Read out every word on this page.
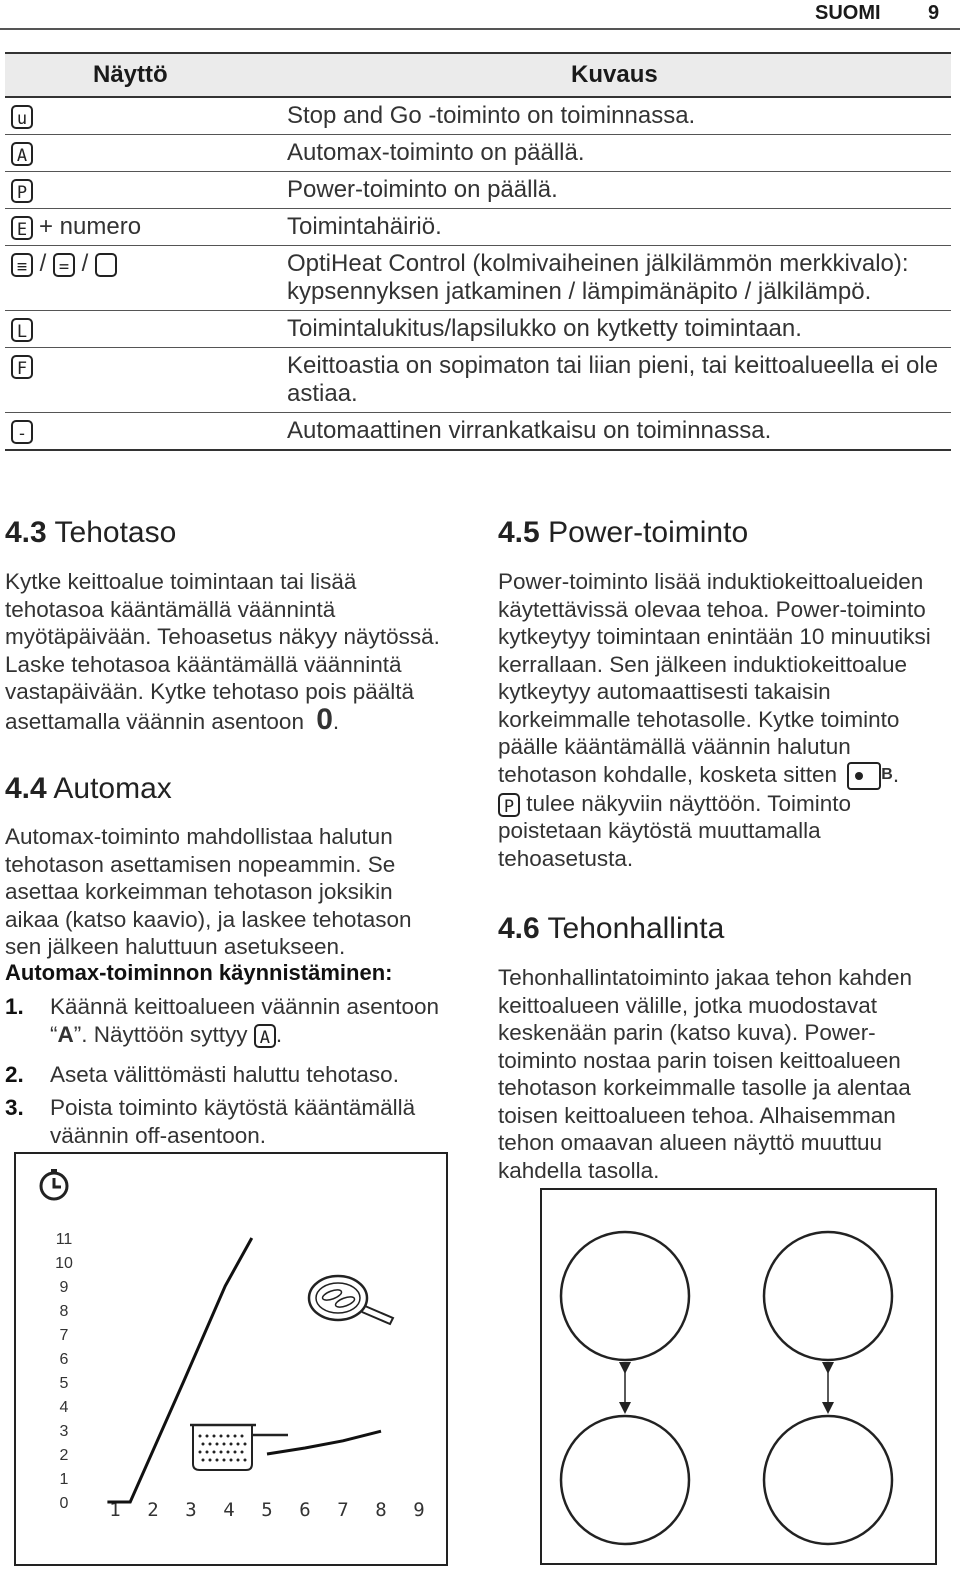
SUOMI 9
Näyttö	Kuvaus
u	Stop and Go -toiminto on toiminnassa.
A	Automax-toiminto on päällä.
P	Power-toiminto on päällä.
E + numero	Toimintahäiriö.
≡ / = / _	OptiHeat Control (kolmivaiheinen jälkilämmön merkkivalo): kypsennyksen jatkaminen / lämpimänäpito / jälkilämpö.
L	Toimintalukitus/lapsilukko on kytketty toimintaan.
F	Keittoastia on sopimaton tai liian pieni, tai keittoalueella ei ole astiaa.
-	Automaattinen virrankatkaisu on toiminnassa.
4.3 Tehotaso

Kytke keittoalue toimintaan tai lisää tehotasoa kääntämällä väännintä myötäpäivään. Tehoasetus näkyy näytössä. Laske tehotasoa kääntämällä väännintä vastapäivään. Kytke tehotaso pois päältä asettamalla väännin asentoon 0.

4.4 Automax

Automax-toiminto mahdollistaa halutun tehotason asettamisen nopeammin. Se asettaa korkeimman tehotason joksikin aikaa (katso kaavio), ja laskee tehotason sen jälkeen haluttuun asetukseen.

Automax-toiminnon käynnistäminen:
1. Käännä keittoalueen väännin asentoon “A”. Näyttöön syttyy A .
2. Aseta välittömästi haluttu tehotaso.
3. Poista toiminto käytöstä kääntämällä väännin off-asentoon.
0
1
2
3
4
5
6
7
8
9
10
11
1 2 3 4 5 6 7 8 9
4.5 Power-toiminto

Power-toiminto lisää induktiokeittoalueiden käytettävissä olevaa tehoa. Power-toiminto kytkeytyy toimintaan enintään 10 minuutiksi kerrallaan. Sen jälkeen induktiokeittoalue kytkeytyy automaattisesti takaisin korkeimmalle tehotasolle. Kytke toiminto päälle kääntämällä väännin halutun tehotason kohdalle, kosketa sitten	$^B$.
P tulee näkyviin näyttöön. Toiminto poistetaan käytöstä muuttamalla tehoasetusta.

4.6 Tehonhallinta

Tehonhallintatoiminto jakaa tehon kahden keittoalueen välille, jotka muodostavat keskenään parin (katso kuva). Power-toiminto nostaa parin toisen keittoalueen tehotason korkeimmalle tasolle ja alentaa toisen keittoalueen tehoa. Alhaisemman tehon omaavan alueen näyttö muuttuu kahdella tasolla.
